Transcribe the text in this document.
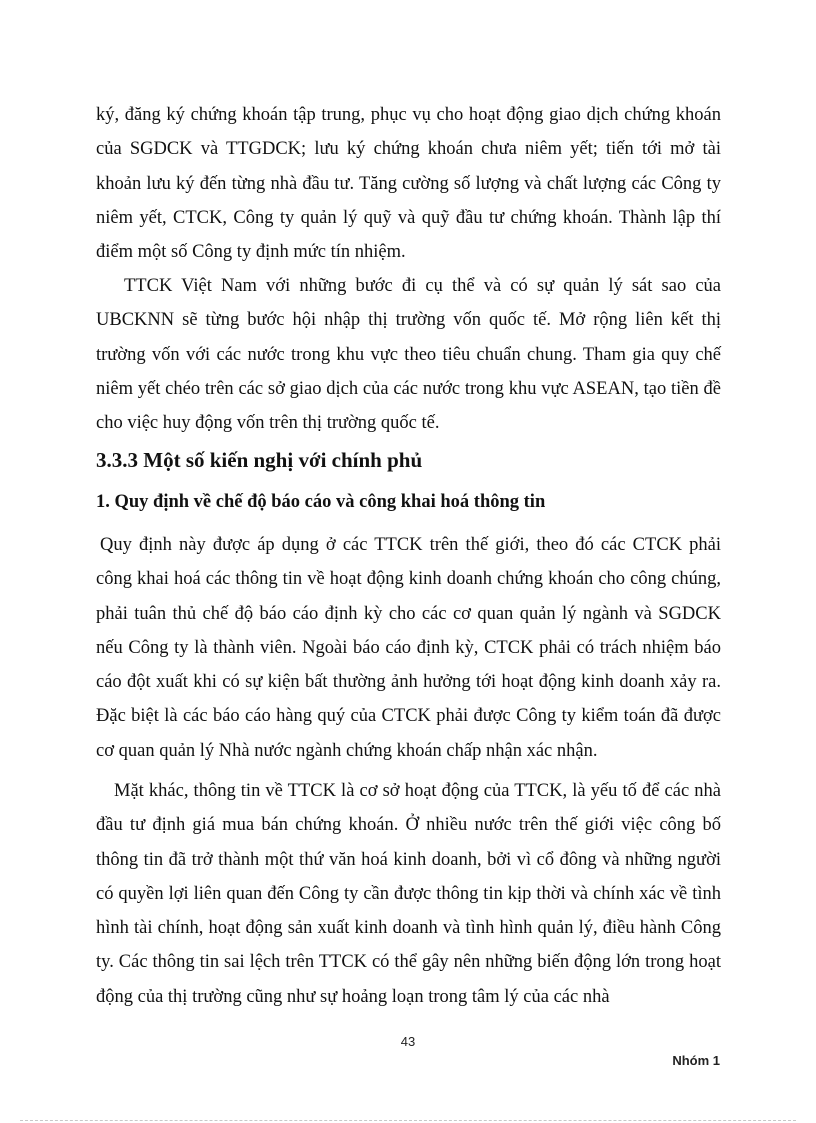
ký, đăng ký chứng khoán tập trung, phục vụ cho hoạt động giao dịch chứng khoán của SGDCK và TTGDCK; lưu ký chứng khoán chưa niêm yết; tiến tới mở tài khoản lưu ký đến từng nhà đầu tư. Tăng cường số lượng và chất lượng các Công ty niêm yết, CTCK, Công ty quản lý quỹ và quỹ đầu tư chứng khoán. Thành lập thí điểm một số Công ty định mức tín nhiệm.

TTCK Việt Nam với những bước đi cụ thể và có sự quản lý sát sao của UBCKNN sẽ từng bước hội nhập thị trường vốn quốc tế. Mở rộng liên kết thị trường vốn với các nước trong khu vực theo tiêu chuẩn chung. Tham gia quy chế niêm yết chéo trên các sở giao dịch của các nước trong khu vực ASEAN, tạo tiền đề cho việc huy động vốn trên thị trường quốc tế.

3.3.3 Một số kiến nghị với chính phủ
1. Quy định về chế độ báo cáo và công khai hoá thông tin

Quy định này được áp dụng ở các TTCK trên thế giới, theo đó các CTCK phải công khai hoá các thông tin về hoạt động kinh doanh chứng khoán cho công chúng, phải tuân thủ chế độ báo cáo định kỳ cho các cơ quan quản lý ngành và SGDCK nếu Công ty là thành viên. Ngoài báo cáo định kỳ, CTCK phải có trách nhiệm báo cáo đột xuất khi có sự kiện bất thường ảnh hưởng tới hoạt động kinh doanh xảy ra. Đặc biệt là các báo cáo hàng quý của CTCK phải được Công ty kiểm toán đã được cơ quan quản lý Nhà nước ngành chứng khoán chấp nhận xác nhận.

Mặt khác, thông tin về TTCK là cơ sở hoạt động của TTCK, là yếu tố để các nhà đầu tư định giá mua bán chứng khoán. Ở nhiều nước trên thế giới việc công bố thông tin đã trở thành một thứ văn hoá kinh doanh, bởi vì cổ đông và những người có quyền lợi liên quan đến Công ty cần được thông tin kịp thời và chính xác về tình hình tài chính, hoạt động sản xuất kinh doanh và tình hình quản lý, điều hành Công ty. Các thông tin sai lệch trên TTCK có thể gây nên những biến động lớn trong hoạt động của thị trường cũng như sự hoảng loạn trong tâm lý của các nhà

43
Nhóm 1
